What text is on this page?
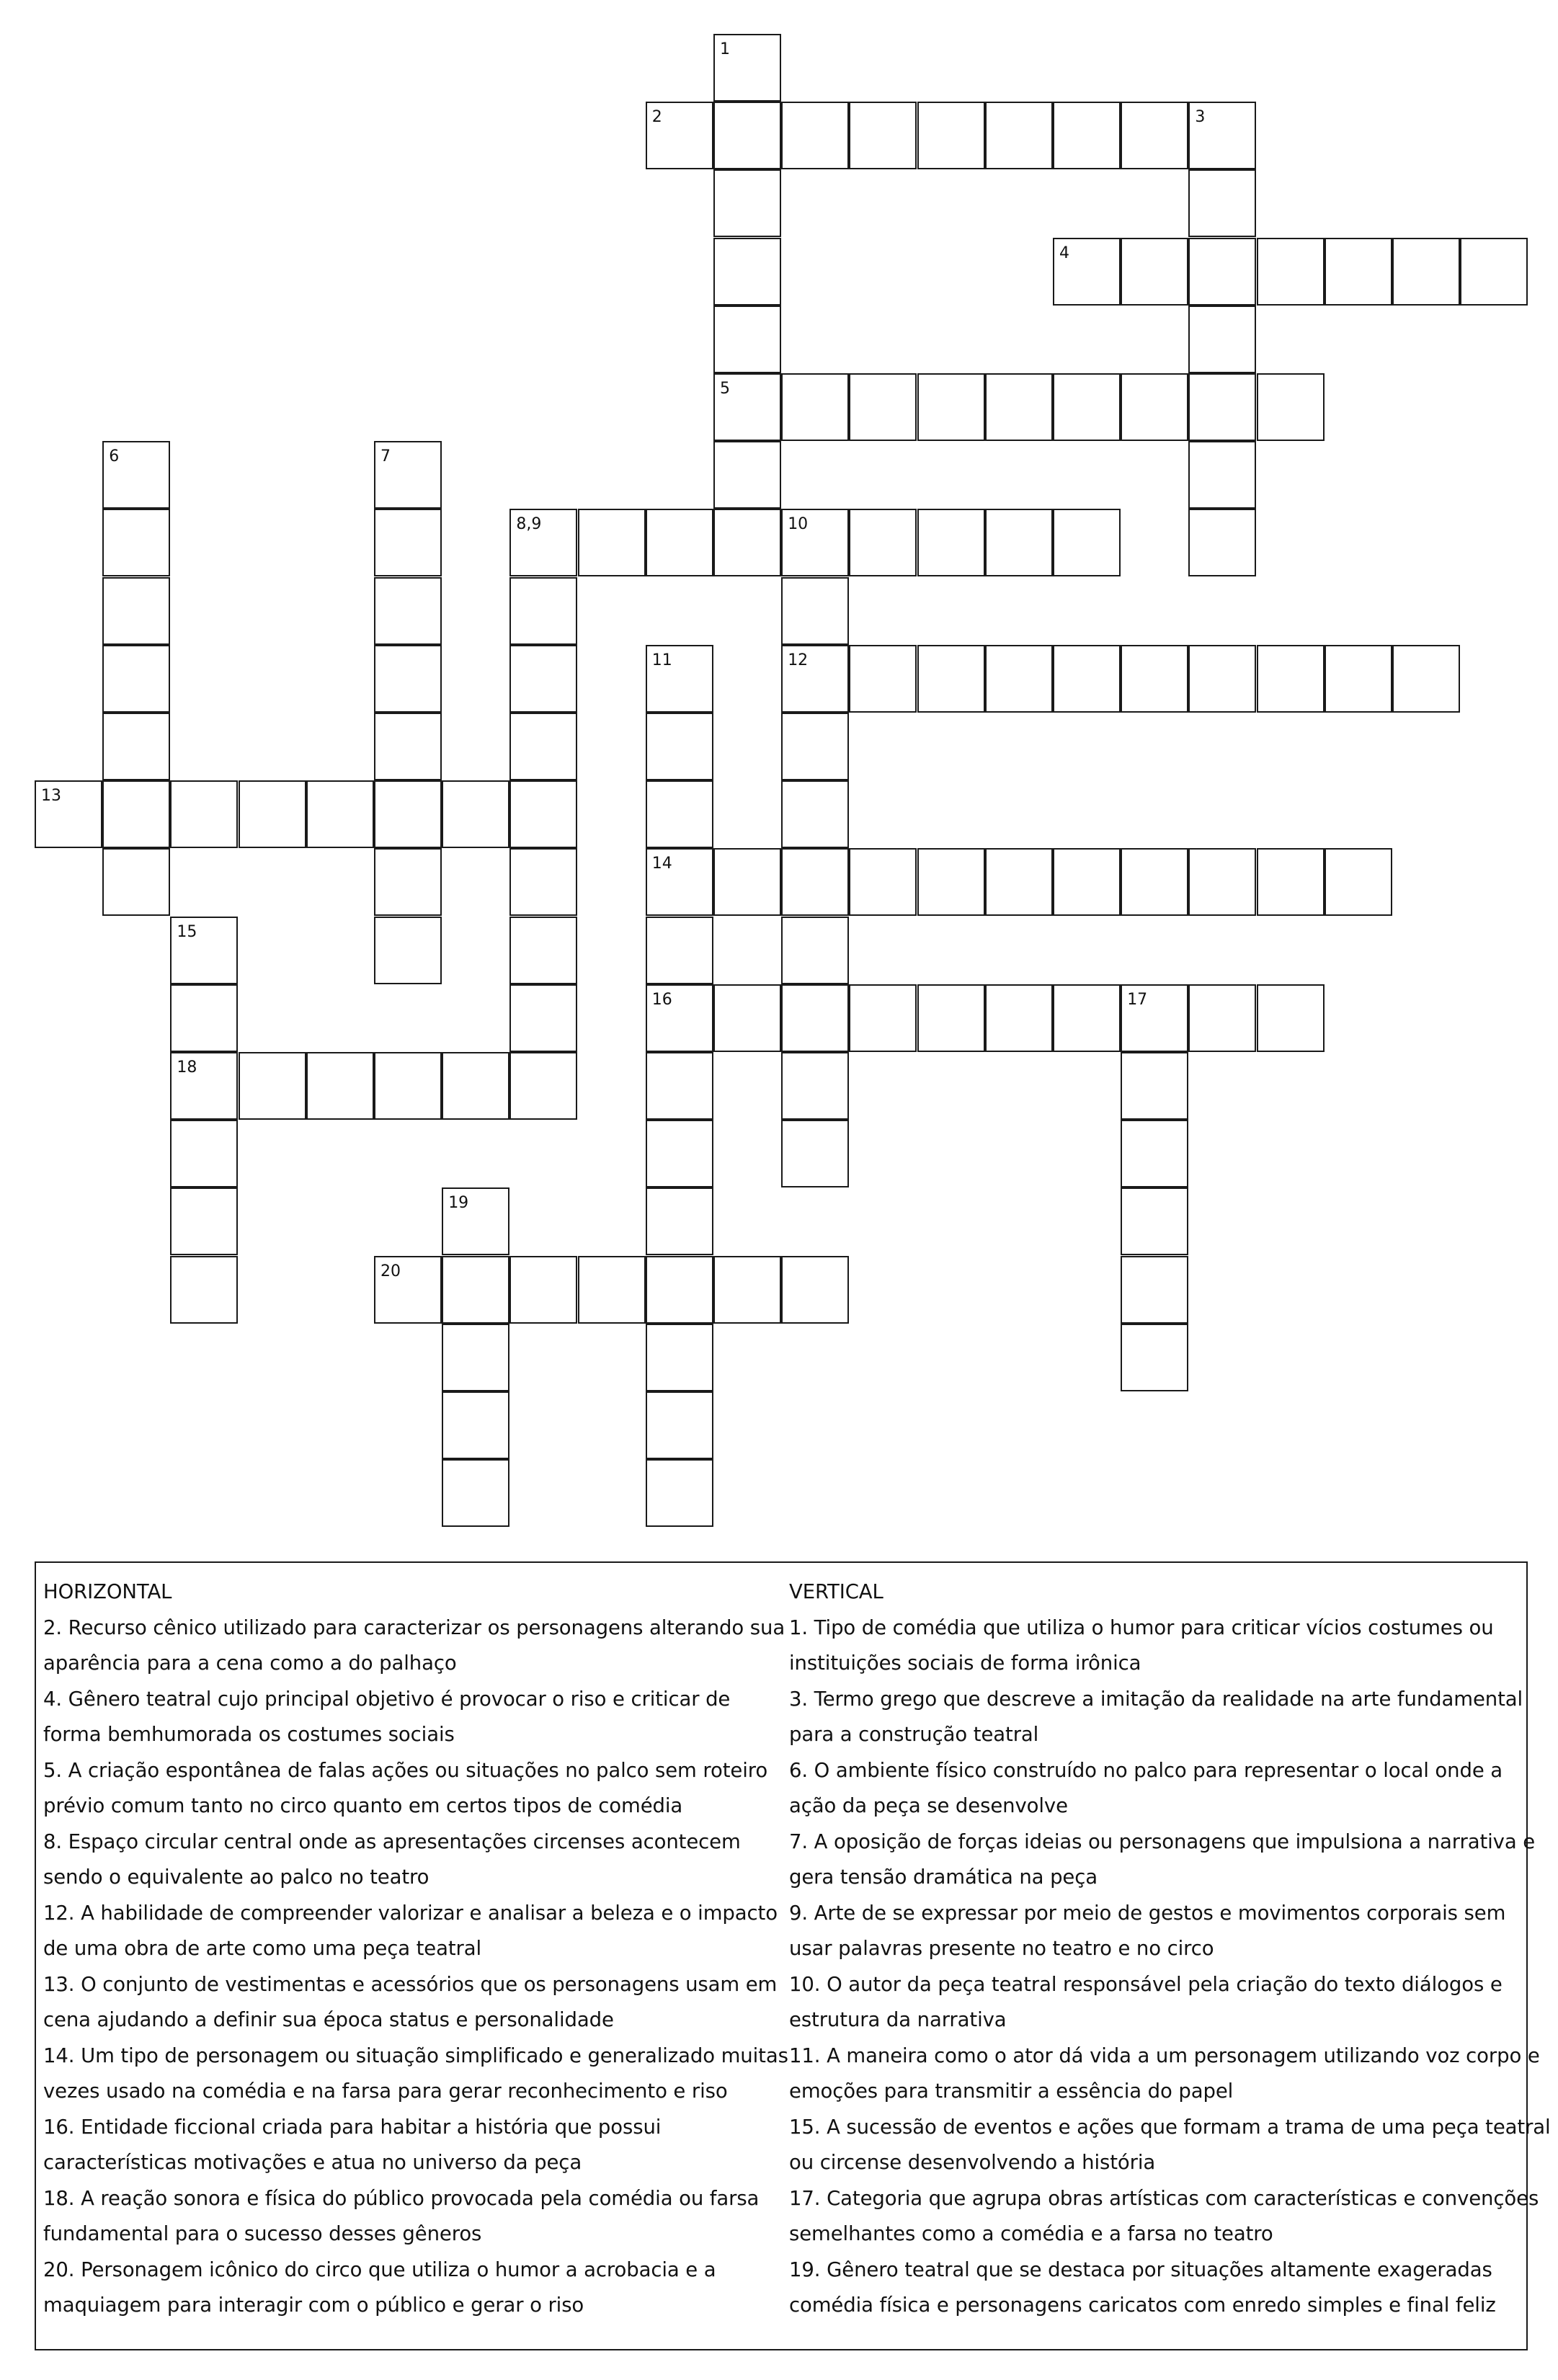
1
2	3
4
5
6	7
8,9	10
11	12
13
14
15
16	17
18
19
20
HORIZONTAL
2. Recurso cênico utilizado para caracterizar os personagens alterando sua
aparência para a cena como a do palhaço
4. Gênero teatral cujo principal objetivo é provocar o riso e criticar de
forma bemhumorada os costumes sociais
5. A criação espontânea de falas ações ou situações no palco sem roteiro
prévio comum tanto no circo quanto em certos tipos de comédia
8. Espaço circular central onde as apresentações circenses acontecem
sendo o equivalente ao palco no teatro
12. A habilidade de compreender valorizar e analisar a beleza e o impacto
de uma obra de arte como uma peça teatral
13. O conjunto de vestimentas e acessórios que os personagens usam em
cena ajudando a definir sua época status e personalidade
14. Um tipo de personagem ou situação simplificado e generalizado muitas
vezes usado na comédia e na farsa para gerar reconhecimento e riso
16. Entidade ficcional criada para habitar a história que possui
características motivações e atua no universo da peça
18. A reação sonora e física do público provocada pela comédia ou farsa
fundamental para o sucesso desses gêneros
20. Personagem icônico do circo que utiliza o humor a acrobacia e a
maquiagem para interagir com o público e gerar o riso
VERTICAL
1. Tipo de comédia que utiliza o humor para criticar vícios costumes ou
instituições sociais de forma irônica
3. Termo grego que descreve a imitação da realidade na arte fundamental
para a construção teatral
6. O ambiente físico construído no palco para representar o local onde a
ação da peça se desenvolve
7. A oposição de forças ideias ou personagens que impulsiona a narrativa e
gera tensão dramática na peça
9. Arte de se expressar por meio de gestos e movimentos corporais sem
usar palavras presente no teatro e no circo
10. O autor da peça teatral responsável pela criação do texto diálogos e
estrutura da narrativa
11. A maneira como o ator dá vida a um personagem utilizando voz corpo e
emoções para transmitir a essência do papel
15. A sucessão de eventos e ações que formam a trama de uma peça teatral
ou circense desenvolvendo a história
17. Categoria que agrupa obras artísticas com características e convenções
semelhantes como a comédia e a farsa no teatro
19. Gênero teatral que se destaca por situações altamente exageradas
comédia física e personagens caricatos com enredo simples e final feliz
